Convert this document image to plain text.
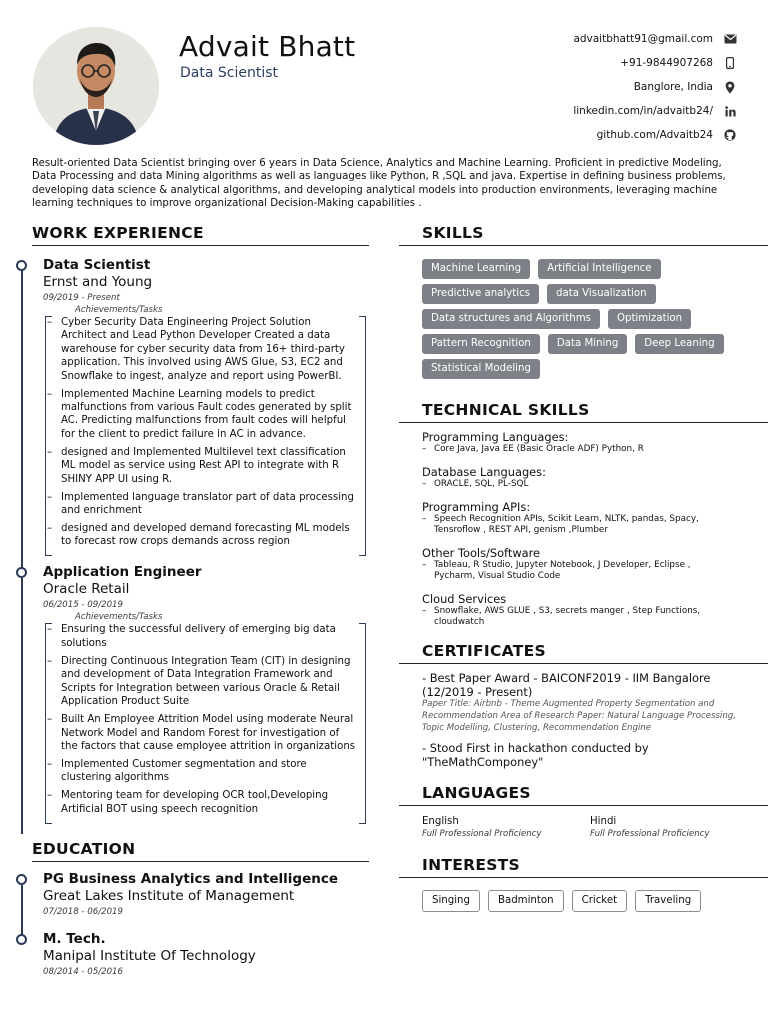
Advait Bhatt
Data Scientist
advaitbhatt91@gmail.com
+91-9844907268
Banglore, India
linkedin.com/in/advaitb24/
github.com/Advaitb24
Result-oriented Data Scientist bringing over 6 years in Data Science, Analytics and Machine Learning. Proficient in predictive Modeling, Data Processing and data Mining algorithms as well as languages like Python, R ,SQL and java. Expertise in defining business problems, developing data science & analytical algorithms, and developing analytical models into production environments, leveraging machine learning techniques to improve organizational Decision-Making capabilities .
WORK EXPERIENCE
Data Scientist
Ernst and Young
09/2019 - Present
Achievements/Tasks
– Cyber Security Data Engineering Project Solution Architect and Lead Python Developer Created a data warehouse for cyber security data from 16+ third-party application. This involved using AWS Glue, S3, EC2 and Snowflake to ingest, analyze and report using PowerBI.
– Implemented Machine Learning models to predict malfunctions from various Fault codes generated by split AC. Predicting malfunctions from fault codes will helpful for the client to predict failure in AC in advance.
– designed and Implemented Multilevel text classification ML model as service using Rest API to integrate with R SHINY APP UI using R.
– Implemented language translator part of data processing and enrichment
– designed and developed demand forecasting ML models to forecast row crops demands across region
Application Engineer
Oracle Retail
06/2015 - 09/2019
Achievements/Tasks
– Ensuring the successful delivery of emerging big data solutions
– Directing Continuous Integration Team (CIT) in designing and development of Data Integration Framework and Scripts for Integration between various Oracle & Retail Application Product Suite
– Built An Employee Attrition Model using moderate Neural Network Model and Random Forest for investigation of the factors that cause employee attrition in organizations
– Implemented Customer segmentation and store clustering algorithms
– Mentoring team for developing OCR tool,Developing Artificial BOT using speech recognition
EDUCATION
PG Business Analytics and Intelligence
Great Lakes Institute of Management
07/2018 - 06/2019
M. Tech.
Manipal Institute Of Technology
08/2014 - 05/2016
SKILLS
Machine Learning	Artificial Intelligence
Predictive analytics	data Visualization
Data structures and Algorithms	Optimization
Pattern Recognition	Data Mining	Deep Leaning
Statistical Modeling
TECHNICAL SKILLS
Programming Languages:
– Core Java, Java EE (Basic Oracle ADF) Python, R
Database Languages:
– ORACLE, SQL, PL-SQL
Programming APIs:
– Speech Recognition APIs, Scikit Learn, NLTK, pandas, Spacy, Tensroflow , REST API, genism ,Plumber
Other Tools/Software
– Tableau, R Studio, Jupyter Notebook, J Developer, Eclipse , Pycharm, Visual Studio Code
Cloud Services
– Snowflake, AWS GLUE , S3, secrets manger , Step Functions, cloudwatch
CERTIFICATES
- Best Paper Award - BAICONF2019 - IIM Bangalore
(12/2019 - Present)
Paper Title: Airbnb - Theme Augmented Property Segmentation and Recommendation Area of Research Paper: Natural Language Processing, Topic Modelling, Clustering, Recommendation Engine
- Stood First in hackathon conducted by "TheMathComponey"
LANGUAGES
English
Full Professional Proficiency
Hindi
Full Professional Proficiency
INTERESTS
Singing	Badminton	Cricket	Traveling
